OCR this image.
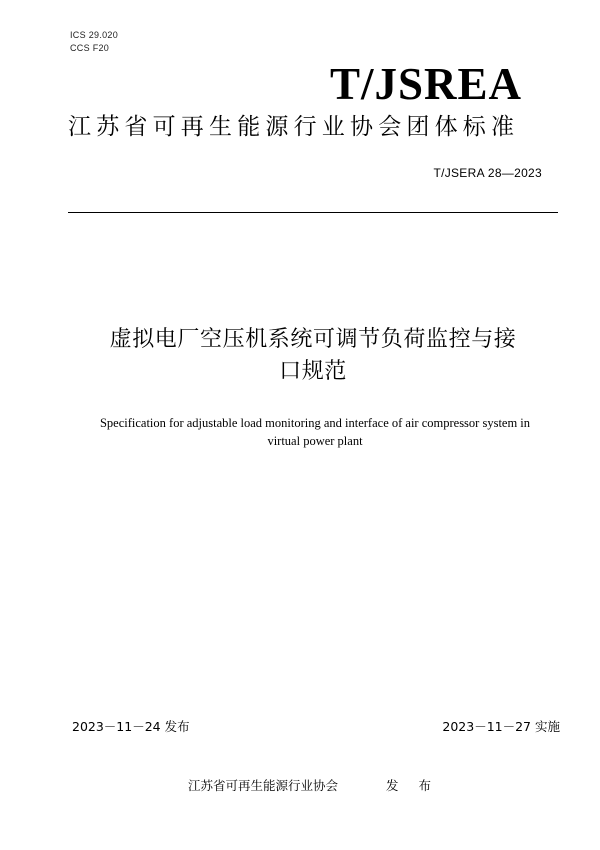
ICS 29.020
CCS F20
T/JSREA
江苏省可再生能源行业协会团体标准
T/JSERA 28—2023
虚拟电厂空压机系统可调节负荷监控与接
口规范
Specification for adjustable load monitoring and interface of air compressor system in
virtual power plant
2023－11－24 发布	2023－11－27 实施
江苏省可再生能源行业协会	发 布
